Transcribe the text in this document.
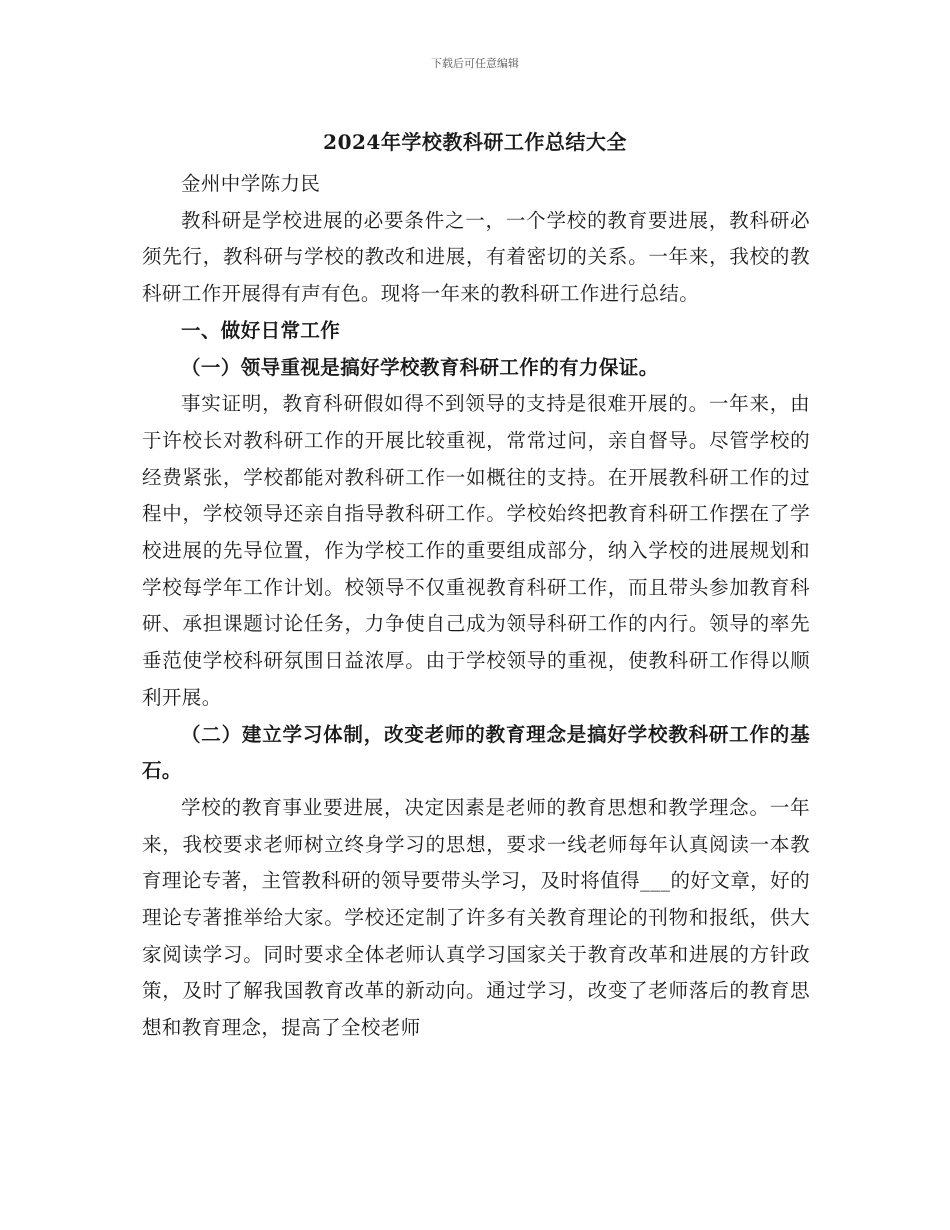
下载后可任意编辑
2024年学校教科研工作总结大全

金州中学陈力民

教科研是学校进展的必要条件之一，一个学校的教育要进展，教科研必须先行，教科研与学校的教改和进展，有着密切的关系。一年来，我校的教科研工作开展得有声有色。现将一年来的教科研工作进行总结。

一、做好日常工作

（一）领导重视是搞好学校教育科研工作的有力保证。

事实证明，教育科研假如得不到领导的支持是很难开展的。一年来，由于许校长对教科研工作的开展比较重视，常常过问，亲自督导。尽管学校的经费紧张，学校都能对教科研工作一如概往的支持。在开展教科研工作的过程中，学校领导还亲自指导教科研工作。学校始终把教育科研工作摆在了学校进展的先导位置，作为学校工作的重要组成部分，纳入学校的进展规划和学校每学年工作计划。校领导不仅重视教育科研工作，而且带头参加教育科研、承担课题讨论任务，力争使自己成为领导科研工作的内行。领导的率先垂范使学校科研氛围日益浓厚。由于学校领导的重视，使教科研工作得以顺利开展。

（二）建立学习体制，改变老师的教育理念是搞好学校教科研工作的基石。

学校的教育事业要进展，决定因素是老师的教育思想和教学理念。一年来，我校要求老师树立终身学习的思想，要求一线老师每年认真阅读一本教育理论专著，主管教科研的领导要带头学习，及时将值得___的好文章，好的理论专著推举给大家。学校还定制了许多有关教育理论的刊物和报纸，供大家阅读学习。同时要求全体老师认真学习国家关于教育改革和进展的方针政策，及时了解我国教育改革的新动向。通过学习，改变了老师落后的教育思想和教育理念，提高了全校老师
